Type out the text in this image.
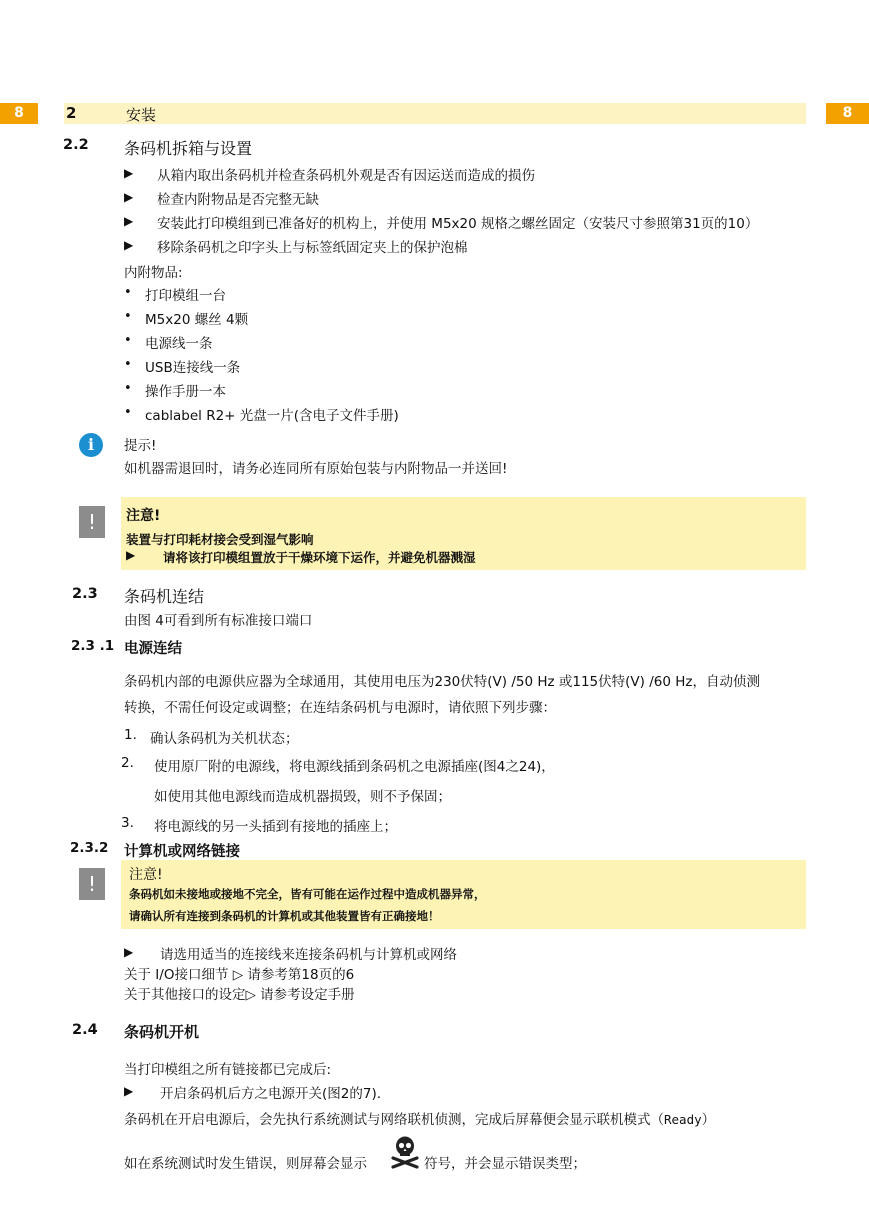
8	2	安装	8
2.2 条码机拆箱与设置
▶ 从箱内取出条码机并检查条码机外观是否有因运送而造成的损伤
▶ 检查内附物品是否完整无缺
▶ 安装此打印模组到已准备好的机构上，并使用 M5x20 规格之螺丝固定（安装尺寸参照第31页的10）
▶ 移除条码机之印字头上与标签纸固定夹上的保护泡棉
内附物品:
• 打印模组一台
• M5x20 螺丝 4颗
• 电源线一条
• USB连接线一条
• 操作手册一本
• cablabel R2+ 光盘一片(含电子文件手册)
i	提示!
如机器需退回时，请务必连同所有原始包装与内附物品一并送回!
!	注意!
装置与打印耗材接会受到湿气影响
▶ 请将该打印模组置放于干燥环境下运作，并避免机器溅湿
2.3 条码机连结
由图 4可看到所有标准接口端口
2.3 .1 电源连结
条码机内部的电源供应器为全球通用，其使用电压为230伏特(V) /50 Hz 或115伏特(V) /60 Hz，自动侦测
转换，不需任何设定或调整；在连结条码机与电源时，请依照下列步骤：
1. 确认条码机为关机状态；
2. 使用原厂附的电源线，将电源线插到条码机之电源插座(图4之24)，
如使用其他电源线而造成机器损毁，则不予保固；
3. 将电源线的另一头插到有接地的插座上；
2.3.2 计算机或网络链接
!	注意!
条码机如未接地或接地不完全，皆有可能在运作过程中造成机器异常，
请确认所有连接到条码机的计算机或其他装置皆有正确接地！
▶ 请选用适当的连接线来连接条码机与计算机或网络
关于 I/O接口细节 ▷ 请参考第18页的6
关于其他接口的设定▷ 请参考设定手册
2.4 条码机开机
当打印模组之所有链接都已完成后:
▶ 开启条码机后方之电源开关(图2的7).
条码机在开启电源后，会先执行系统测试与网络联机侦测，完成后屏幕便会显示联机模式（Ready）
如在系统测试时发生错误，则屏幕会显示	符号，并会显示错误类型；
